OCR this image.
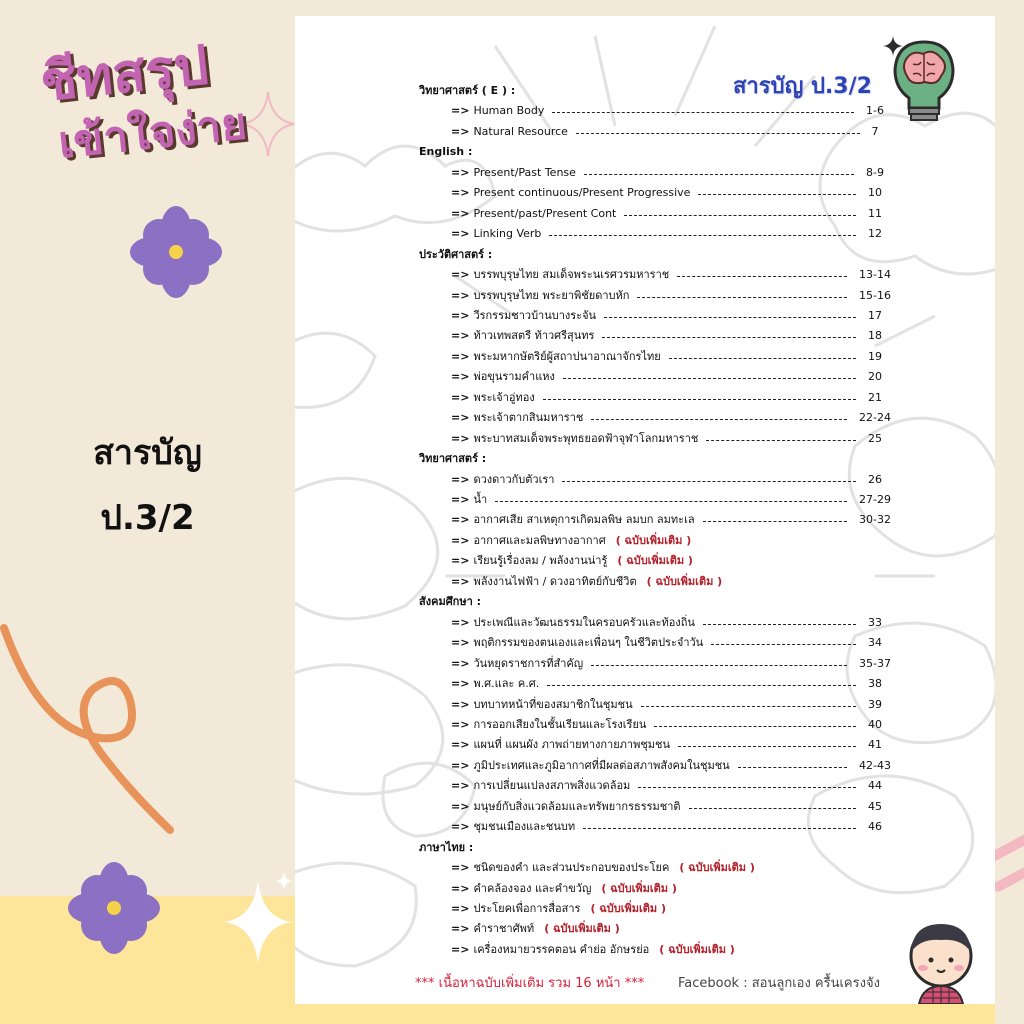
ชีทสรุป
เข้าใจง่าย
สารบัญ
ป.3/2
สารบัญ ป.3/2
วิทยาศาสตร์ ( E ) :
=> Human Body	1-6
=> Natural Resource	7
English :
=> Present/Past Tense	8-9
=> Present continuous/Present Progressive	10
=> Present/past/Present Cont	11
=> Linking Verb	12
ประวัติศาสตร์ :
=> บรรพบุรุษไทย สมเด็จพระนเรศวรมหาราช	13-14
=> บรรพบุรุษไทย พระยาพิชัยดาบหัก	15-16
=> วีรกรรมชาวบ้านบางระจัน	17
=> ท้าวเทพสตรี ท้าวศรีสุนทร	18
=> พระมหากษัตริย์ผู้สถาปนาอาณาจักรไทย	19
=> พ่อขุนรามคำแหง	20
=> พระเจ้าอู่ทอง	21
=> พระเจ้าตากสินมหาราช	22-24
=> พระบาทสมเด็จพระพุทธยอดฟ้าจุฬาโลกมหาราช	25
วิทยาศาสตร์ :
=> ดวงดาวกับตัวเรา	26
=> น้ำ	27-29
=> อากาศเสีย สาเหตุการเกิดมลพิษ ลมบก ลมทะเล	30-32
=> อากาศและมลพิษทางอากาศ ( ฉบับเพิ่มเติม )
=> เรียนรู้เรื่องลม / พลังงานน่ารู้ ( ฉบับเพิ่มเติม )
=> พลังงานไฟฟ้า / ดวงอาทิตย์กับชีวิต ( ฉบับเพิ่มเติม )
สังคมศึกษา :
=> ประเพณีและวัฒนธรรมในครอบครัวและท้องถิ่น	33
=> พฤติกรรมของตนเองและเพื่อนๆ ในชีวิตประจำวัน	34
=> วันหยุดราชการที่สำคัญ	35-37
=> พ.ศ.และ ค.ศ.	38
=> บทบาทหน้าที่ของสมาชิกในชุมชน	39
=> การออกเสียงในชั้นเรียนและโรงเรียน	40
=> แผนที่ แผนผัง ภาพถ่ายทางกายภาพชุมชน	41
=> ภูมิประเทศและภูมิอากาศที่มีผลต่อสภาพสังคมในชุมชน	42-43
=> การเปลี่ยนแปลงสภาพสิ่งแวดล้อม	44
=> มนุษย์กับสิ่งแวดล้อมและทรัพยากรธรรมชาติ	45
=> ชุมชนเมืองและชนบท	46
ภาษาไทย :
=> ชนิดของคำ และส่วนประกอบของประโยค ( ฉบับเพิ่มเติม )
=> คำคล้องจอง และคำขวัญ ( ฉบับเพิ่มเติม )
=> ประโยคเพื่อการสื่อสาร ( ฉบับเพิ่มเติม )
=> คำราชาศัพท์ ( ฉบับเพิ่มเติม )
=> เครื่องหมายวรรคตอน คำย่อ อักษรย่อ ( ฉบับเพิ่มเติม )
*** เนื้อหาฉบับเพิ่มเติม รวม 16 หน้า ***	Facebook : สอนลูกเอง ครื้นเครงจัง
